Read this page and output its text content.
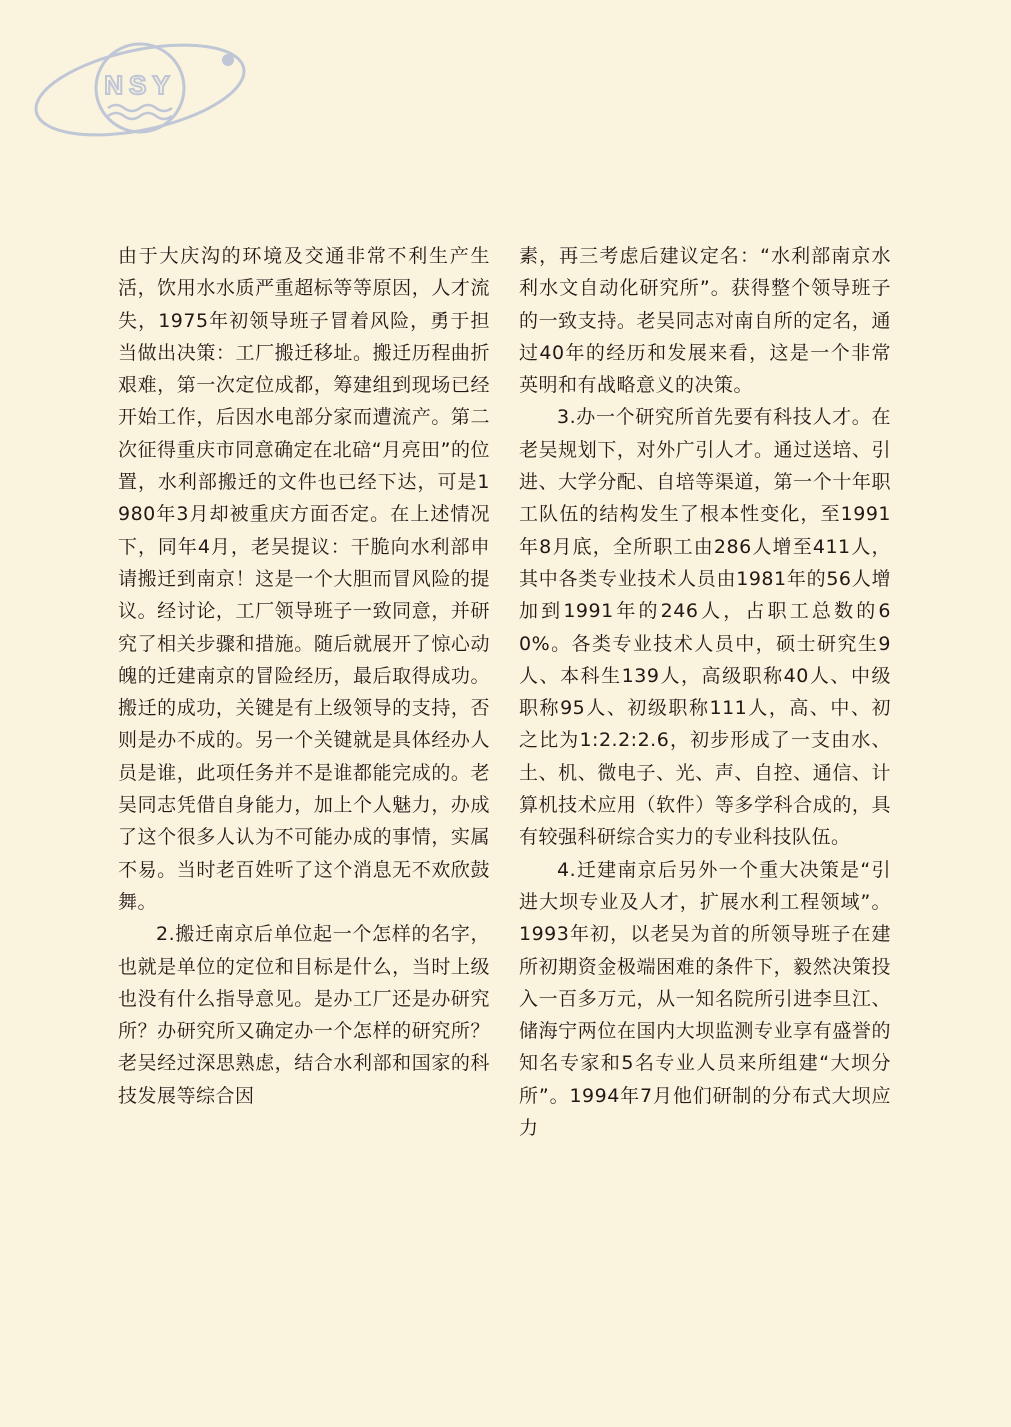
NSY

由于大庆沟的环境及交通非常不利生产生活，饮用水水质严重超标等等原因，人才流失，1975年初领导班子冒着风险，勇于担当做出决策：工厂搬迁移址。搬迁历程曲折艰难，第一次定位成都，筹建组到现场已经开始工作，后因水电部分家而遭流产。第二次征得重庆市同意确定在北碚“月亮田”的位置，水利部搬迁的文件也已经下达，可是1980年3月却被重庆方面否定。在上述情况下，同年4月，老吴提议：干脆向水利部申请搬迁到南京！这是一个大胆而冒风险的提议。经讨论，工厂领导班子一致同意，并研究了相关步骤和措施。随后就展开了惊心动魄的迁建南京的冒险经历，最后取得成功。搬迁的成功，关键是有上级领导的支持，否则是办不成的。另一个关键就是具体经办人员是谁，此项任务并不是谁都能完成的。老吴同志凭借自身能力，加上个人魅力，办成了这个很多人认为不可能办成的事情，实属不易。当时老百姓听了这个消息无不欢欣鼓舞。

2.搬迁南京后单位起一个怎样的名字，也就是单位的定位和目标是什么，当时上级也没有什么指导意见。是办工厂还是办研究所？办研究所又确定办一个怎样的研究所？老吴经过深思熟虑，结合水利部和国家的科技发展等综合因

素，再三考虑后建议定名：“水利部南京水利水文自动化研究所”。获得整个领导班子的一致支持。老吴同志对南自所的定名，通过40年的经历和发展来看，这是一个非常英明和有战略意义的决策。

3.办一个研究所首先要有科技人才。在老吴规划下，对外广引人才。通过送培、引进、大学分配、自培等渠道，第一个十年职工队伍的结构发生了根本性变化，至1991年8月底，全所职工由286人增至411人，其中各类专业技术人员由1981年的56人增加到1991年的246人，占职工总数的60%。各类专业技术人员中，硕士研究生9人、本科生139人，高级职称40人、中级职称95人、初级职称111人，高、中、初之比为1:2.2:2.6，初步形成了一支由水、土、机、微电子、光、声、自控、通信、计算机技术应用（软件）等多学科合成的，具有较强科研综合实力的专业科技队伍。

4.迁建南京后另外一个重大决策是“引进大坝专业及人才，扩展水利工程领域”。1993年初，以老吴为首的所领导班子在建所初期资金极端困难的条件下，毅然决策投入一百多万元，从一知名院所引进李旦江、储海宁两位在国内大坝监测专业享有盛誉的知名专家和5名专业人员来所组建“大坝分所”。1994年7月他们研制的分布式大坝应力
